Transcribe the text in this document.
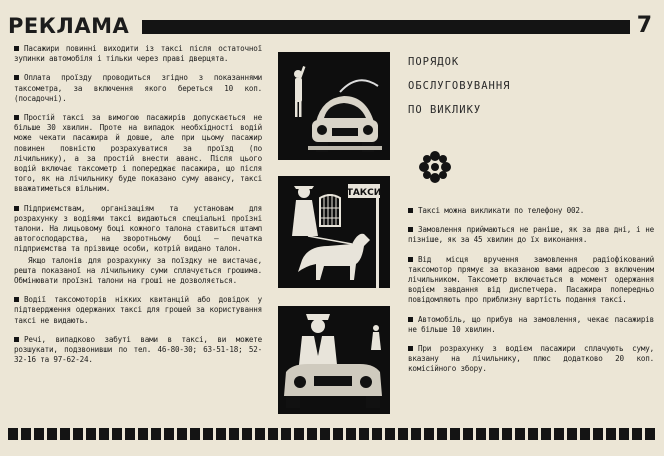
РЕКЛАМА	7

Пасажири повинні виходити із таксі після остаточної зупинки автомобіля і тільки через праві дверцята.

Оплата проїзду проводиться згідно з показаннями таксометра, за включення якого береться 10 коп. (посадочні).

Простій таксі за вимогою пасажирів допускається не більше 30 хвилин. Проте на випадок необхідності водій може чекати пасажира й довше, але при цьому пасажир повинен повністю розрахуватися за проїзд (по лічильнику), а за простій внести аванс. Після цього водій включає таксометр і попереджає пасажира, що після того, як на лічильнику буде показано суму авансу, таксі вважатиметься вільним.

Підприємствам, організаціям та установам для розрахунку з водіями таксі видаються спеціальні проїзні талони. На лицьовому боці кожного талона ставиться штамп автогосподарства, на зворотньому боці — печатка підприємства та прізвище особи, котрій видано талон.

Якщо талонів для розрахунку за поїздку не вистачає, решта показаної на лічильнику суми сплачується грошима. Обмінювати проїзні талони на гроші не дозволяється.

Водії таксомоторів нікких квитанцій або довідок у підтвердження одержаних таксі для грошей за користування таксі не видають.

Речі, випадково забуті вами в таксі, ви можете розшукати, подзвонивши по тел. 46-80-30; 63-51-18; 52-32-16 та 97-62-24.

ТАКСИ
ПОРЯДОК
ОБСЛУГОВУВАННЯ
ПО ВИКЛИКУ

Таксі можна викликати по телефону 002.

Замовлення приймаються не раніше, як за два дні, і не пізніше, як за 45 хвилин до їх виконання.

Від місця вручення замовлення радіофікований таксомотор прямує за вказаною вами адресою з включеним лічильником. Таксометр включається в момент одержання водієм завдання від диспетчера. Пасажира попередньо повідомляють про приблизну вартість подання таксі.

Автомобіль, що прибув на замовлення, чекає пасажирів не більше 10 хвилин.

При розрахунку з водієм пасажири сплачують суму, вказану на лічильнику, плюс додатково 20 коп. комісійного збору.
